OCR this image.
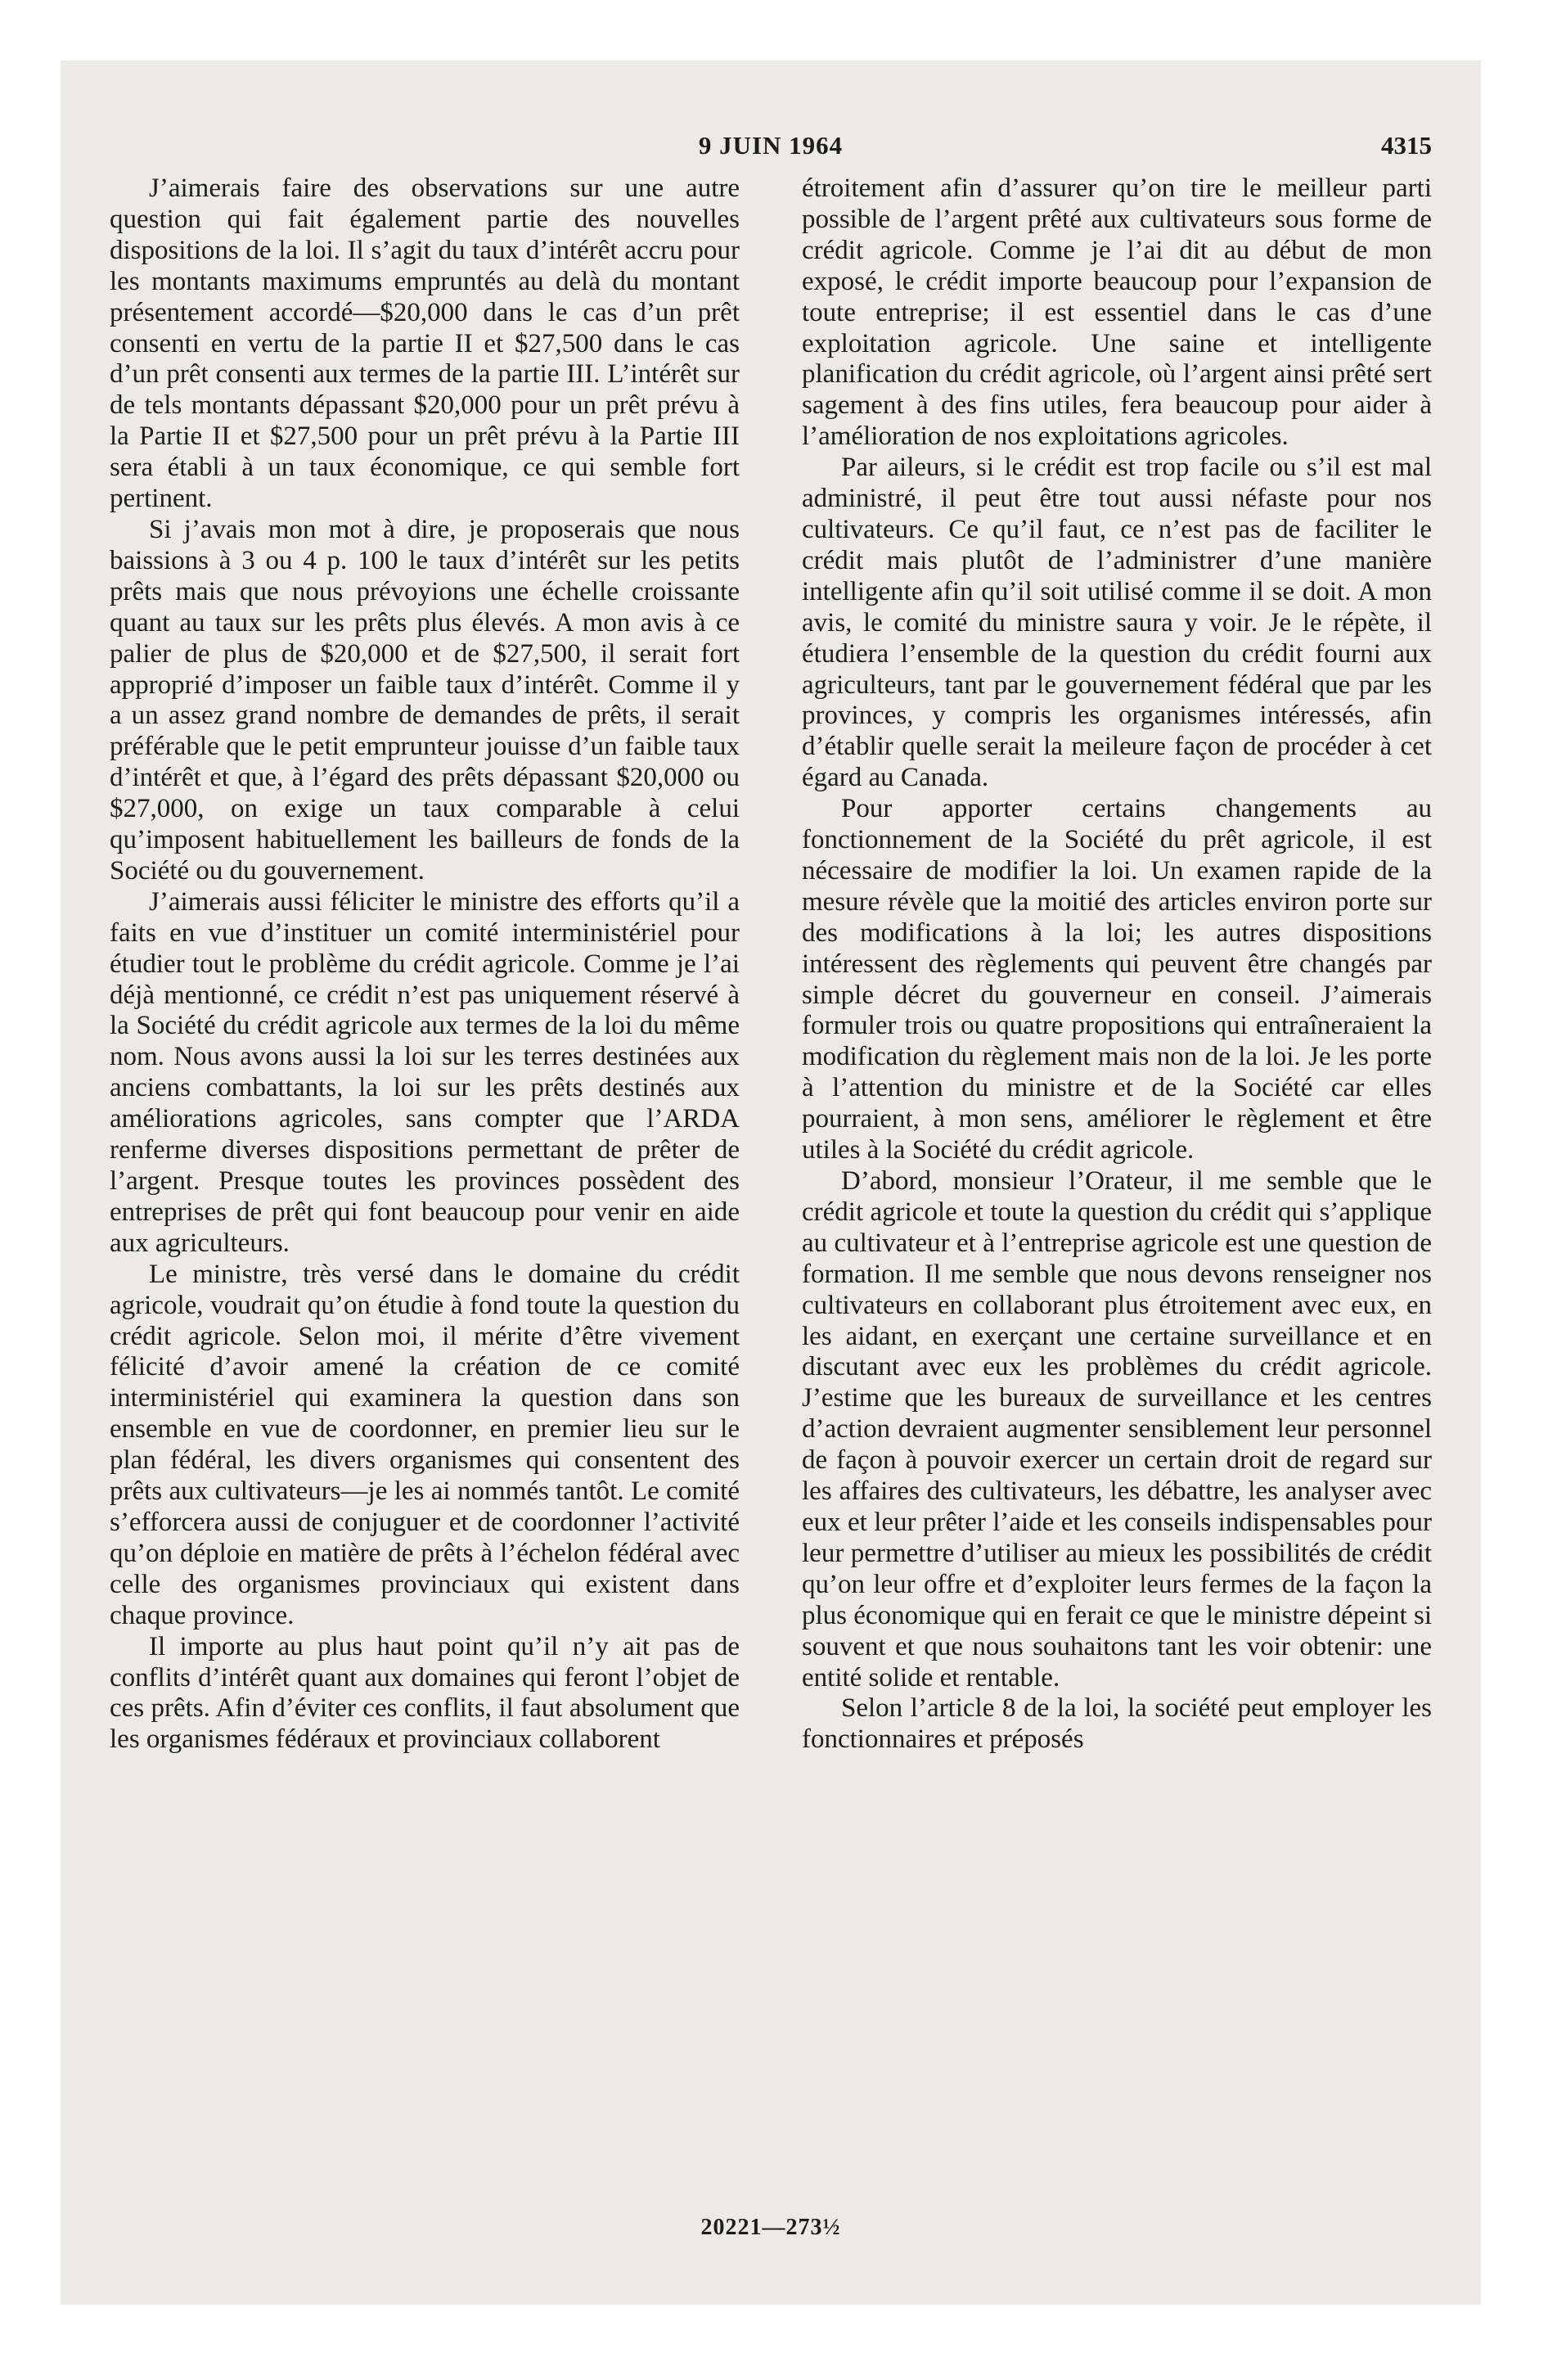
9 JUIN 1964	4315

J’aimerais faire des observations sur une autre question qui fait également partie des nouvelles dispositions de la loi. Il s’agit du taux d’intérêt accru pour les montants maximums empruntés au delà du montant présentement accordé—$20,000 dans le cas d’un prêt consenti en vertu de la partie II et $27,500 dans le cas d’un prêt consenti aux termes de la partie III. L’intérêt sur de tels montants dépassant $20,000 pour un prêt prévu à la Partie II et $27,500 pour un prêt prévu à la Partie III sera établi à un taux économique, ce qui semble fort pertinent.

Si j’avais mon mot à dire, je proposerais que nous baissions à 3 ou 4 p. 100 le taux d’intérêt sur les petits prêts mais que nous prévoyions une échelle croissante quant au taux sur les prêts plus élevés. A mon avis à ce palier de plus de $20,000 et de $27,500, il serait fort approprié d’imposer un faible taux d’intérêt. Comme il y a un assez grand nombre de demandes de prêts, il serait préférable que le petit emprunteur jouisse d’un faible taux d’intérêt et que, à l’égard des prêts dépassant $20,000 ou $27,000, on exige un taux comparable à celui qu’imposent habituellement les bailleurs de fonds de la Société ou du gouvernement.

J’aimerais aussi féliciter le ministre des efforts qu’il a faits en vue d’instituer un comité interministériel pour étudier tout le problème du crédit agricole. Comme je l’ai déjà mentionné, ce crédit n’est pas uniquement réservé à la Société du crédit agricole aux termes de la loi du même nom. Nous avons aussi la loi sur les terres destinées aux anciens combattants, la loi sur les prêts destinés aux améliorations agricoles, sans compter que l’ARDA renferme diverses dispositions permettant de prêter de l’argent. Presque toutes les provinces possèdent des entreprises de prêt qui font beaucoup pour venir en aide aux agriculteurs.

Le ministre, très versé dans le domaine du crédit agricole, voudrait qu’on étudie à fond toute la question du crédit agricole. Selon moi, il mérite d’être vivement félicité d’avoir amené la création de ce comité interministériel qui examinera la question dans son ensemble en vue de coordonner, en premier lieu sur le plan fédéral, les divers organismes qui consentent des prêts aux cultivateurs—je les ai nommés tantôt. Le comité s’efforcera aussi de conjuguer et de coordonner l’activité qu’on déploie en matière de prêts à l’échelon fédéral avec celle des organismes provinciaux qui existent dans chaque province.

Il importe au plus haut point qu’il n’y ait pas de conflits d’intérêt quant aux domaines qui feront l’objet de ces prêts. Afin d’éviter ces conflits, il faut absolument que les organismes fédéraux et provinciaux collaborent

étroitement afin d’assurer qu’on tire le meilleur parti possible de l’argent prêté aux cultivateurs sous forme de crédit agricole. Comme je l’ai dit au début de mon exposé, le crédit importe beaucoup pour l’expansion de toute entreprise; il est essentiel dans le cas d’une exploitation agricole. Une saine et intelligente planification du crédit agricole, où l’argent ainsi prêté sert sagement à des fins utiles, fera beaucoup pour aider à l’amélioration de nos exploitations agricoles.

Par aileurs, si le crédit est trop facile ou s’il est mal administré, il peut être tout aussi néfaste pour nos cultivateurs. Ce qu’il faut, ce n’est pas de faciliter le crédit mais plutôt de l’administrer d’une manière intelligente afin qu’il soit utilisé comme il se doit. A mon avis, le comité du ministre saura y voir. Je le répète, il étudiera l’ensemble de la question du crédit fourni aux agriculteurs, tant par le gouvernement fédéral que par les provinces, y compris les organismes intéressés, afin d’établir quelle serait la meileure façon de procéder à cet égard au Canada.

Pour apporter certains changements au fonctionnement de la Société du prêt agricole, il est nécessaire de modifier la loi. Un examen rapide de la mesure révèle que la moitié des articles environ porte sur des modifications à la loi; les autres dispositions intéressent des règlements qui peuvent être changés par simple décret du gouverneur en conseil. J’aimerais formuler trois ou quatre propositions qui entraîneraient la modification du règlement mais non de la loi. Je les porte à l’attention du ministre et de la Société car elles pourraient, à mon sens, améliorer le règlement et être utiles à la Société du crédit agricole.

D’abord, monsieur l’Orateur, il me semble que le crédit agricole et toute la question du crédit qui s’applique au cultivateur et à l’entreprise agricole est une question de formation. Il me semble que nous devons renseigner nos cultivateurs en collaborant plus étroitement avec eux, en les aidant, en exerçant une certaine surveillance et en discutant avec eux les problèmes du crédit agricole. J’estime que les bureaux de surveillance et les centres d’action devraient augmenter sensiblement leur personnel de façon à pouvoir exercer un certain droit de regard sur les affaires des cultivateurs, les débattre, les analyser avec eux et leur prêter l’aide et les conseils indispensables pour leur permettre d’utiliser au mieux les possibilités de crédit qu’on leur offre et d’exploiter leurs fermes de la façon la plus économique qui en ferait ce que le ministre dépeint si souvent et que nous souhaitons tant les voir obtenir: une entité solide et rentable.

Selon l’article 8 de la loi, la société peut employer les fonctionnaires et préposés

20221—273½
